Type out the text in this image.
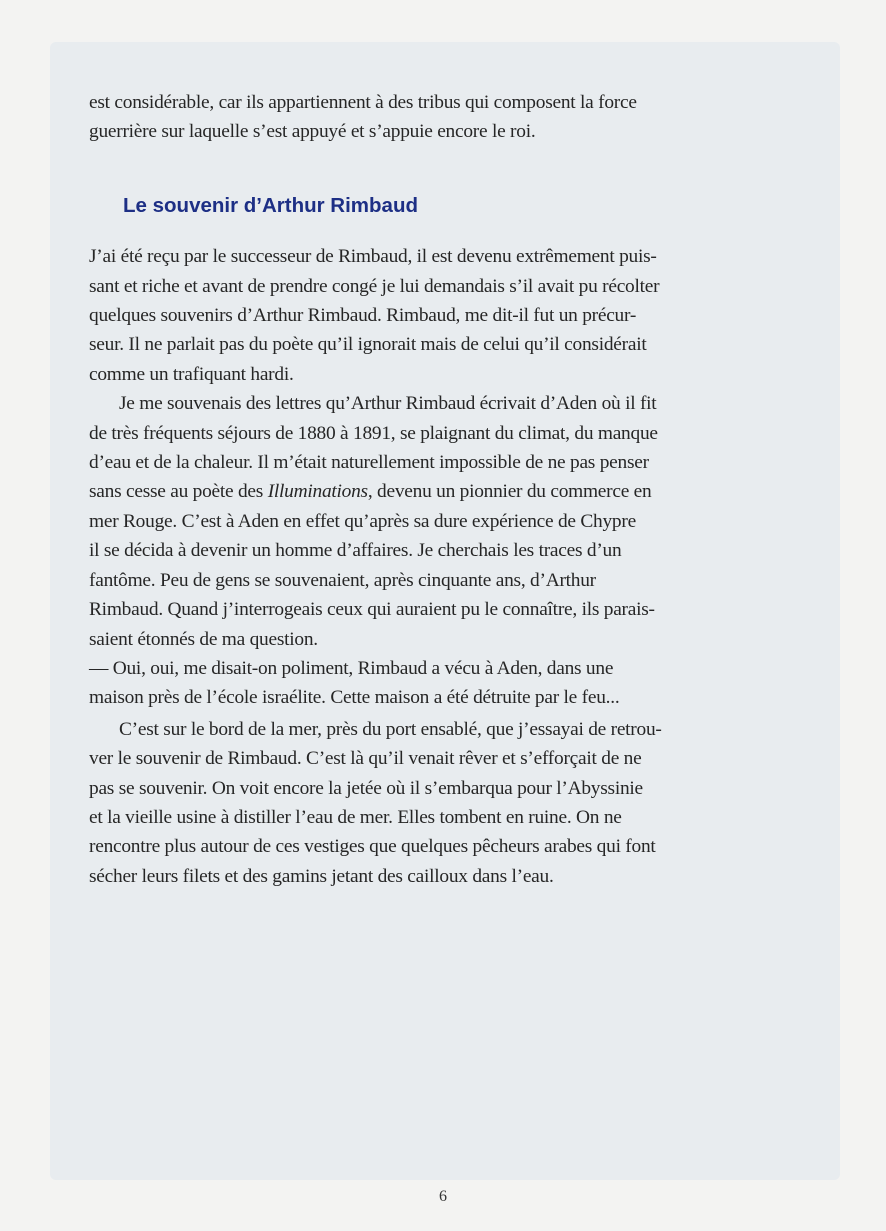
est considérable, car ils appartiennent à des tribus qui composent la force
guerrière sur laquelle s’est appuyé et s’appuie encore le roi.

Le souvenir d’Arthur Rimbaud

J’ai été reçu par le successeur de Rimbaud, il est devenu extrêmement puis-
sant et riche et avant de prendre congé je lui demandais s’il avait pu récolter
quelques souvenirs d’Arthur Rimbaud. Rimbaud, me dit-il fut un précur-
seur. Il ne parlait pas du poète qu’il ignorait mais de celui qu’il considérait
comme un trafiquant hardi.

Je me souvenais des lettres qu’Arthur Rimbaud écrivait d’Aden où il fit
de très fréquents séjours de 1880 à 1891, se plaignant du climat, du manque
d’eau et de la chaleur. Il m’était naturellement impossible de ne pas penser
sans cesse au poète des Illuminations, devenu un pionnier du commerce en
mer Rouge. C’est à Aden en effet qu’après sa dure expérience de Chypre
il se décida à devenir un homme d’affaires. Je cherchais les traces d’un
fantôme. Peu de gens se souvenaient, après cinquante ans, d’Arthur
Rimbaud. Quand j’interrogeais ceux qui auraient pu le connaître, ils parais-
saient étonnés de ma question.

— Oui, oui, me disait-on poliment, Rimbaud a vécu à Aden, dans une
maison près de l’école israélite. Cette maison a été détruite par le feu...

C’est sur le bord de la mer, près du port ensablé, que j’essayai de retrou-
ver le souvenir de Rimbaud. C’est là qu’il venait rêver et s’efforçait de ne
pas se souvenir. On voit encore la jetée où il s’embarqua pour l’Abyssinie
et la vieille usine à distiller l’eau de mer. Elles tombent en ruine. On ne
rencontre plus autour de ces vestiges que quelques pêcheurs arabes qui font
sécher leurs filets et des gamins jetant des cailloux dans l’eau.

6
